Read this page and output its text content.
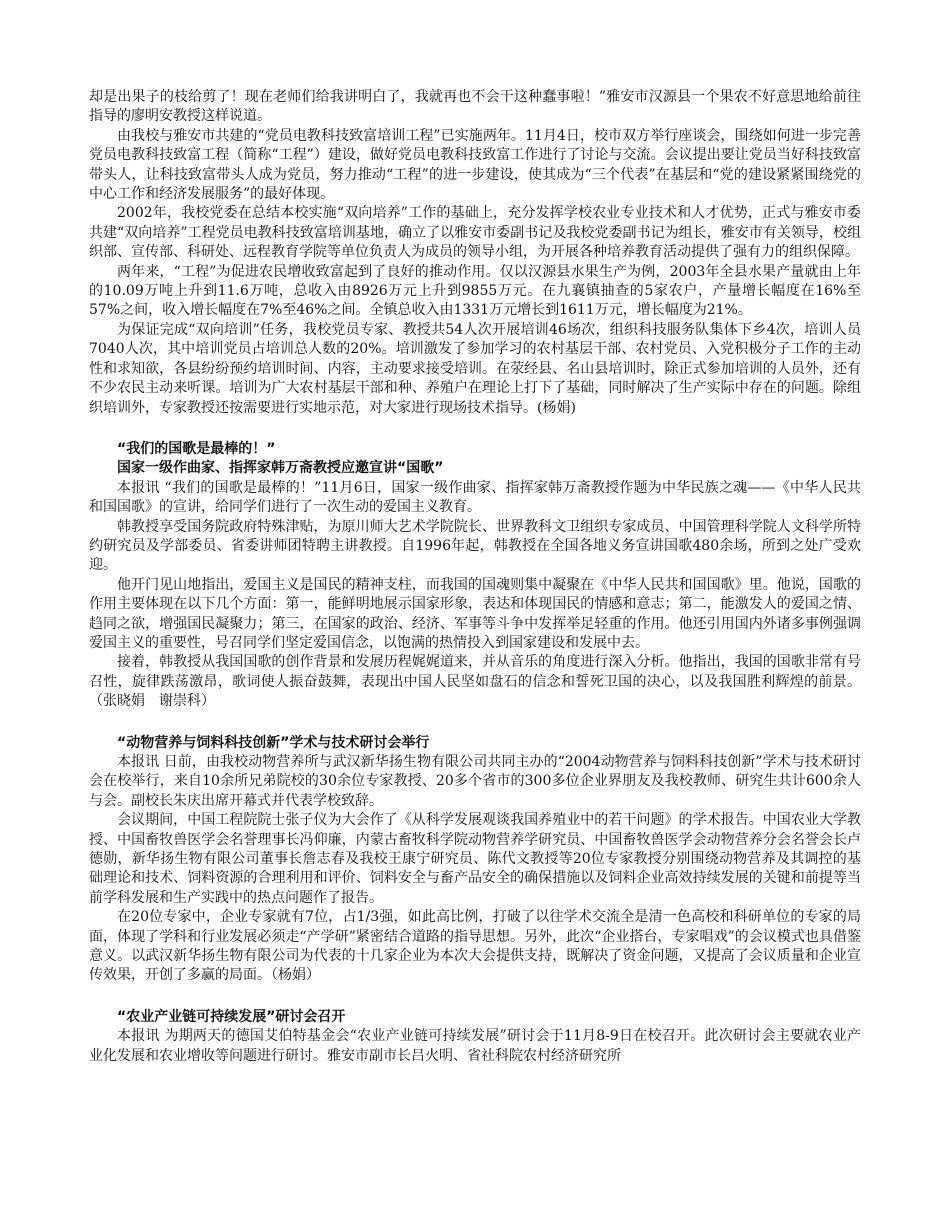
却是出果子的枝给剪了！现在老师们给我讲明白了，我就再也不会干这种蠢事啦！”雅安市汉源县一个果农不好意思地给前往指导的廖明安教授这样说道。

由我校与雅安市共建的“党员电教科技致富培训工程”已实施两年。11月4日，校市双方举行座谈会，围绕如何进一步完善党员电教科技致富工程（简称“工程”）建设，做好党员电教科技致富工作进行了讨论与交流。会议提出要让党员当好科技致富带头人，让科技致富带头人成为党员，努力推动“工程”的进一步建设，使其成为“三个代表”在基层和“党的建设紧紧围绕党的中心工作和经济发展服务”的最好体现。

2002年，我校党委在总结本校实施“双向培养”工作的基础上，充分发挥学校农业专业技术和人才优势，正式与雅安市委共建“双向培养”工程党员电教科技致富培训基地，确立了以雅安市委副书记及我校党委副书记为组长，雅安市有关领导，校组织部、宣传部、科研处、远程教育学院等单位负责人为成员的领导小组，为开展各种培养教育活动提供了强有力的组织保障。

两年来，“工程”为促进农民增收致富起到了良好的推动作用。仅以汉源县水果生产为例，2003年全县水果产量就由上年的10.09万吨上升到11.6万吨，总收入由8926万元上升到9855万元。在九襄镇抽查的5家农户，产量增长幅度在16%至57%之间，收入增长幅度在7%至46%之间。全镇总收入由1331万元增长到1611万元，增长幅度为21%。

为保证完成“双向培训”任务，我校党员专家、教授共54人次开展培训46场次，组织科技服务队集体下乡4次，培训人员7040人次，其中培训党员占培训总人数的20%。培训激发了参加学习的农村基层干部、农村党员、入党积极分子工作的主动性和求知欲，各县纷纷预约培训时间、内容，主动要求接受培训。在荥经县、名山县培训时，除正式参加培训的人员外，还有不少农民主动来听课。培训为广大农村基层干部和种、养殖户在理论上打下了基础，同时解决了生产实际中存在的问题。除组织培训外，专家教授还按需要进行实地示范，对大家进行现场技术指导。(杨娟)

“我们的国歌是最棒的！”
国家一级作曲家、指挥家韩万斋教授应邀宣讲“国歌”

本报讯 “我们的国歌是最棒的！”11月6日，国家一级作曲家、指挥家韩万斋教授作题为中华民族之魂——《中华人民共和国国歌》的宣讲，给同学们进行了一次生动的爱国主义教育。

韩教授享受国务院政府特殊津贴，为原川师大艺术学院院长、世界教科文卫组织专家成员、中国管理科学院人文科学所特约研究员及学部委员、省委讲师团特聘主讲教授。自1996年起，韩教授在全国各地义务宣讲国歌480余场，所到之处广受欢迎。

他开门见山地指出，爱国主义是国民的精神支柱，而我国的国魂则集中凝聚在《中华人民共和国国歌》里。他说，国歌的作用主要体现在以下几个方面：第一，能鲜明地展示国家形象，表达和体现国民的情感和意志；第二，能激发人的爱国之情、趋同之欲，增强国民凝聚力；第三，在国家的政治、经济、军事等斗争中发挥举足轻重的作用。他还引用国内外诸多事例强调爱国主义的重要性，号召同学们坚定爱国信念，以饱满的热情投入到国家建设和发展中去。

接着，韩教授从我国国歌的创作背景和发展历程娓娓道来，并从音乐的角度进行深入分析。他指出，我国的国歌非常有号召性，旋律跌荡激昂，歌词使人振奋鼓舞，表现出中国人民坚如盘石的信念和誓死卫国的决心，以及我国胜利辉煌的前景。（张晓娟　谢崇科）

“动物营养与饲料科技创新”学术与技术研讨会举行

本报讯 日前，由我校动物营养所与武汉新华扬生物有限公司共同主办的“2004动物营养与饲料科技创新”学术与技术研讨会在校举行，来自10余所兄弟院校的30余位专家教授、20多个省市的300多位企业界朋友及我校教师、研究生共计600余人与会。副校长朱庆出席开幕式并代表学校致辞。

会议期间，中国工程院院士张子仪为大会作了《从科学发展观谈我国养殖业中的若干问题》的学术报告。中国农业大学教授、中国畜牧兽医学会名誉理事长冯仰廉，内蒙古畜牧科学院动物营养学研究员、中国畜牧兽医学会动物营养分会名誉会长卢德勋，新华扬生物有限公司董事长詹志春及我校王康宁研究员、陈代文教授等20位专家教授分别围绕动物营养及其调控的基础理论和技术、饲料资源的合理利用和评价、饲料安全与畜产品安全的确保措施以及饲料企业高效持续发展的关键和前提等当前学科发展和生产实践中的热点问题作了报告。

在20位专家中，企业专家就有7位，占1/3强，如此高比例，打破了以往学术交流全是清一色高校和科研单位的专家的局面，体现了学科和行业发展必须走“产学研”紧密结合道路的指导思想。另外，此次“企业搭台，专家唱戏”的会议模式也具借鉴意义。以武汉新华扬生物有限公司为代表的十几家企业为本次大会提供支持，既解决了资金问题，又提高了会议质量和企业宣传效果，开创了多赢的局面。（杨娟）

“农业产业链可持续发展”研讨会召开

本报讯 为期两天的德国艾伯特基金会“农业产业链可持续发展”研讨会于11月8-9日在校召开。此次研讨会主要就农业产业化发展和农业增收等问题进行研讨。雅安市副市长吕火明、省社科院农村经济研究所
